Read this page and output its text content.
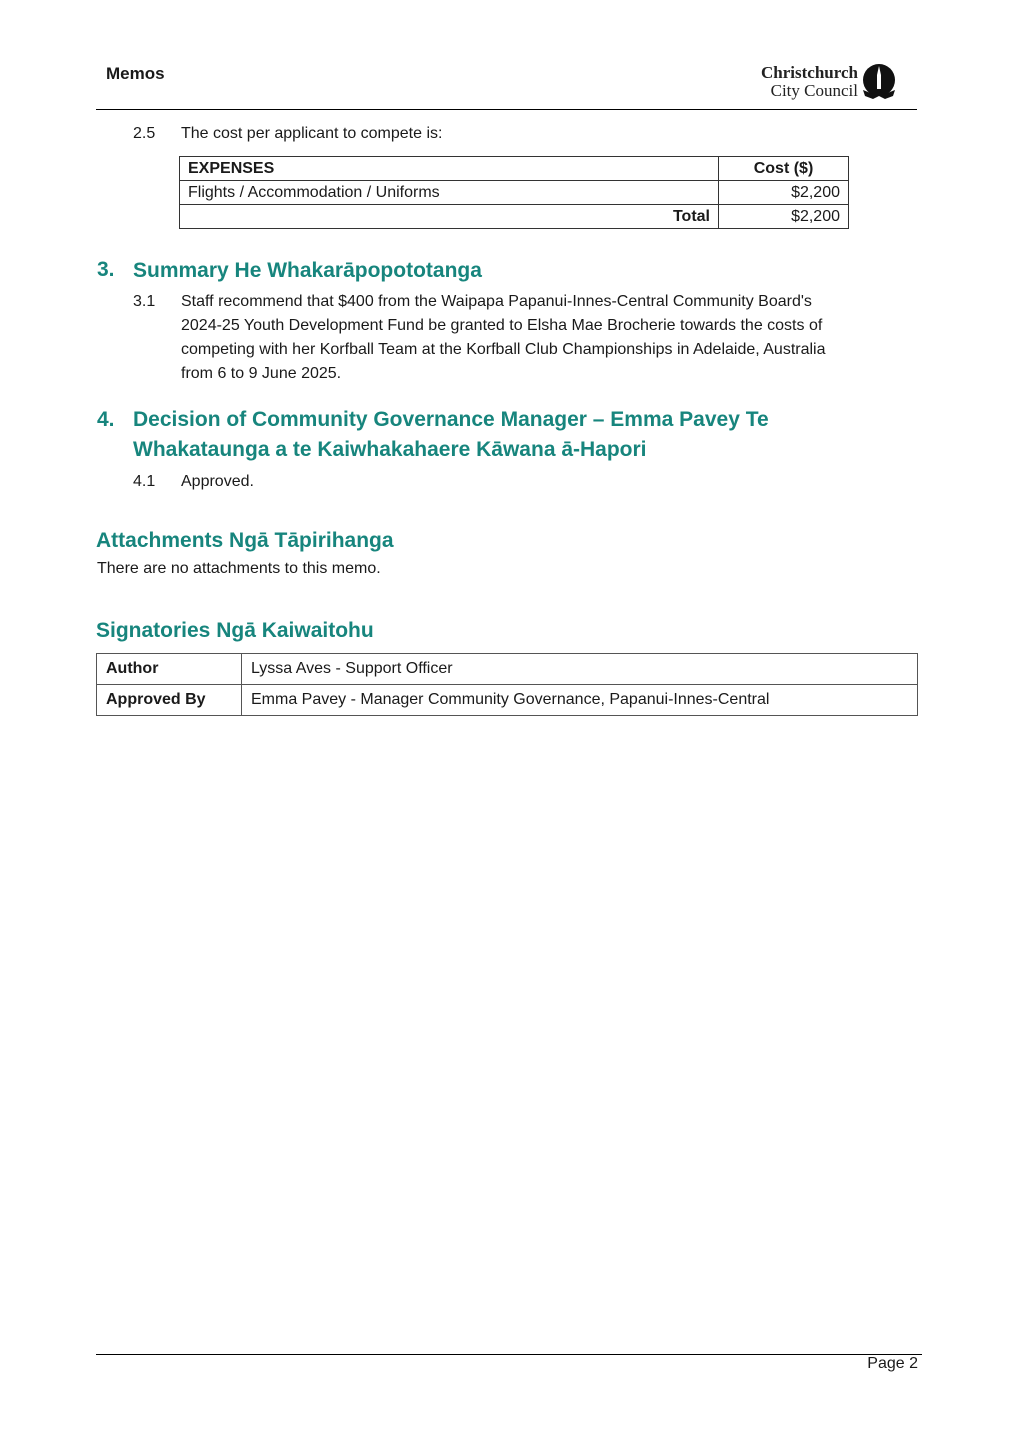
Memos	Christchurch
City Council
2.5 The cost per applicant to compete is:
EXPENSES	Cost ($)
Flights / Accommodation / Uniforms	$2,200
Total	$2,200
3. Summary He Whakarāpopototanga
3.1 Staff recommend that $400 from the Waipapa Papanui-Innes-Central Community Board's
2024-25 Youth Development Fund be granted to Elsha Mae Brocherie towards the costs of
competing with her Korfball Team at the Korfball Club Championships in Adelaide, Australia
from 6 to 9 June 2025.
4. Decision of Community Governance Manager – Emma Pavey Te
Whakataunga a te Kaiwhakahaere Kāwana ā-Hapori
4.1 Approved.
Attachments Ngā Tāpirihanga
There are no attachments to this memo.
Signatories Ngā Kaiwaitohu
Author	Lyssa Aves - Support Officer
Approved By	Emma Pavey - Manager Community Governance, Papanui-Innes-Central
Page 2
